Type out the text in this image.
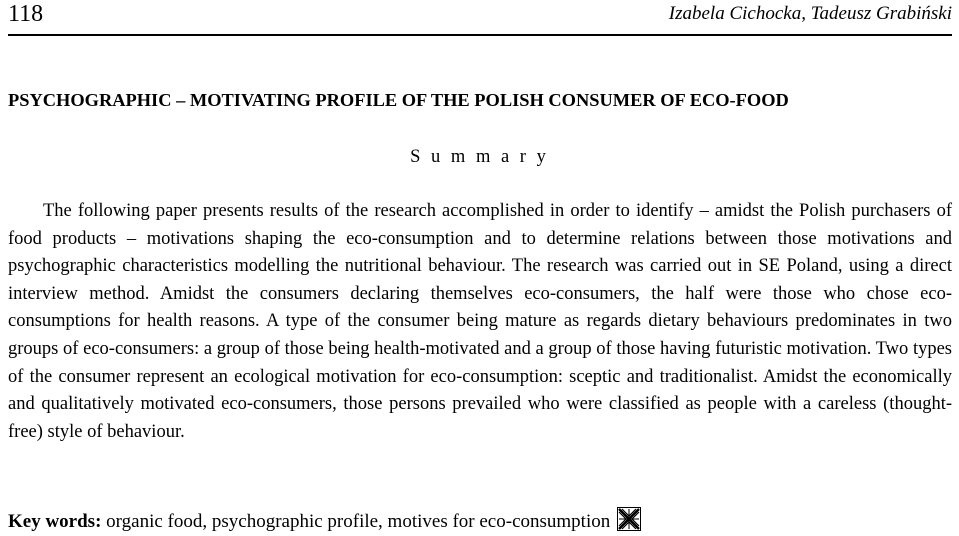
118	Izabela Cichocka, Tadeusz Grabiński
PSYCHOGRAPHIC – MOTIVATING PROFILE OF THE POLISH CONSUMER OF ECO-FOOD
S u m m a r y

The following paper presents results of the research accomplished in order to identify – amidst the Polish purchasers of food products – motivations shaping the eco-consumption and to determine relations between those motivations and psychographic characteristics modelling the nutritional behaviour. The research was carried out in SE Poland, using a direct interview method. Amidst the consumers declaring themselves eco-consumers, the half were those who chose eco-consumptions for health reasons. A type of the consumer being mature as regards dietary behaviours predominates in two groups of eco-consumers: a group of those being health-motivated and a group of those having futuristic motivation. Two types of the consumer represent an ecological motivation for eco-consumption: sceptic and traditionalist. Amidst the economically and qualitatively motivated eco-consumers, those persons prevailed who were classified as people with a careless (thought-free) style of behaviour.

Key words: organic food, psychographic profile, motives for eco-consumption
